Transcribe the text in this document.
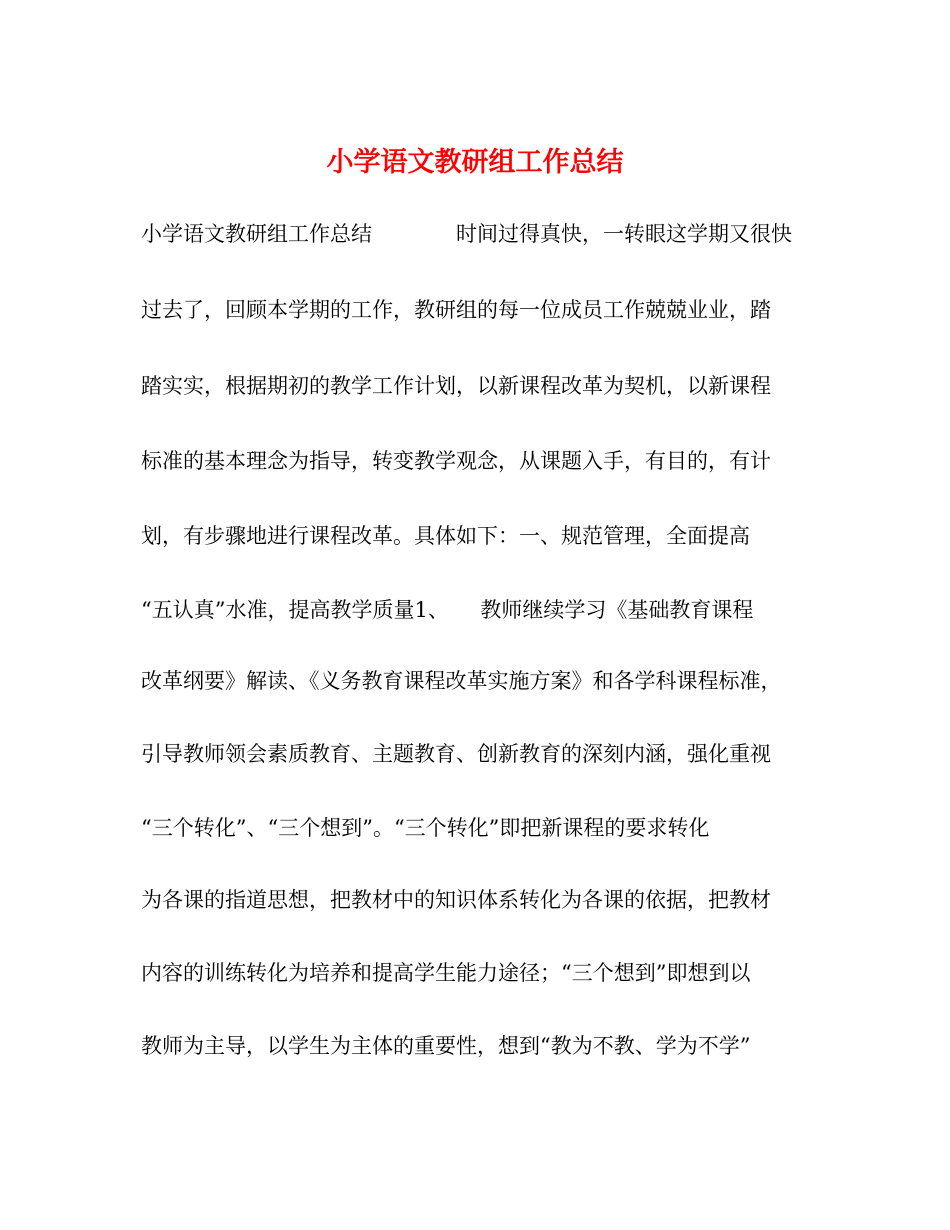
小学语文教研组工作总结
小学语文教研组工作总结　　　　时间过得真快，一转眼这学期又很快
过去了，回顾本学期的工作，教研组的每一位成员工作兢兢业业，踏
踏实实，根据期初的教学工作计划，以新课程改革为契机，以新课程
标准的基本理念为指导，转变教学观念，从课题入手，有目的，有计
划，有步骤地进行课程改革。具体如下：一、规范管理，全面提高
“五认真”水准，提高教学质量1、　　教师继续学习《基础教育课程
改革纲要》解读、《义务教育课程改革实施方案》和各学科课程标准，
引导教师领会素质教育、主题教育、创新教育的深刻内涵，强化重视
“三个转化”、“三个想到”。“三个转化”即把新课程的要求转化
为各课的指道思想，把教材中的知识体系转化为各课的依据，把教材
内容的训练转化为培养和提高学生能力途径；“三个想到”即想到以
教师为主导，以学生为主体的重要性，想到“教为不教、学为不学”
